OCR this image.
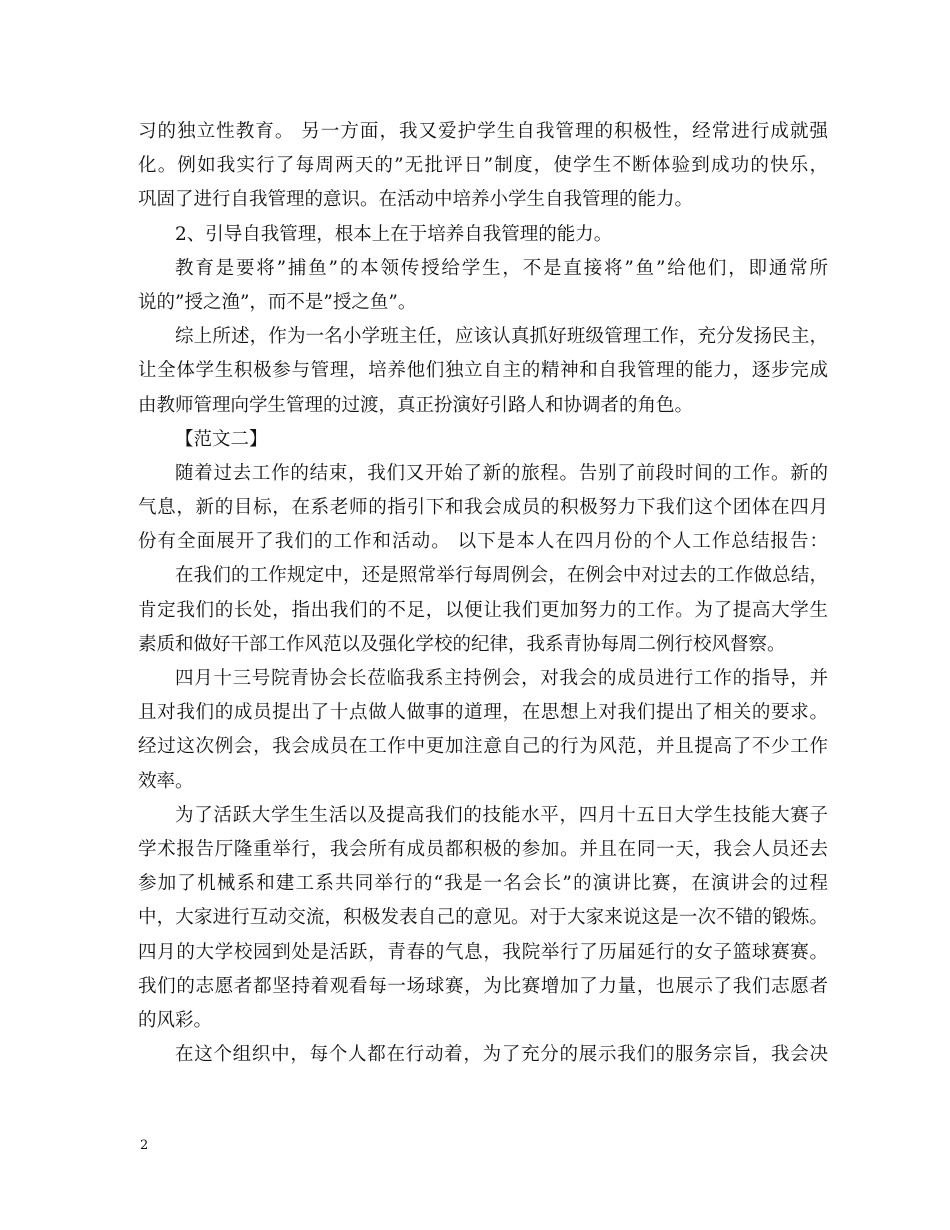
习的独立性教育。 另一方面，我又爱护学生自我管理的积极性，经常进行成就强
化。例如我实行了每周两天的”无批评日”制度，使学生不断体验到成功的快乐，
巩固了进行自我管理的意识。在活动中培养小学生自我管理的能力。
2、引导自我管理，根本上在于培养自我管理的能力。
教育是要将”捕鱼”的本领传授给学生，不是直接将”鱼”给他们，即通常所
说的”授之渔”，而不是”授之鱼”。
综上所述，作为一名小学班主任，应该认真抓好班级管理工作，充分发扬民主，
让全体学生积极参与管理，培养他们独立自主的精神和自我管理的能力，逐步完成
由教师管理向学生管理的过渡，真正扮演好引路人和协调者的角色。
【范文二】
随着过去工作的结束，我们又开始了新的旅程。告别了前段时间的工作。新的
气息，新的目标，在系老师的指引下和我会成员的积极努力下我们这个团体在四月
份有全面展开了我们的工作和活动。 以下是本人在四月份的个人工作总结报告：
在我们的工作规定中，还是照常举行每周例会，在例会中对过去的工作做总结，
肯定我们的长处，指出我们的不足，以便让我们更加努力的工作。为了提高大学生
素质和做好干部工作风范以及强化学校的纪律，我系青协每周二例行校风督察。
四月十三号院青协会长莅临我系主持例会，对我会的成员进行工作的指导，并
且对我们的成员提出了十点做人做事的道理，在思想上对我们提出了相关的要求。
经过这次例会，我会成员在工作中更加注意自己的行为风范，并且提高了不少工作
效率。
为了活跃大学生生活以及提高我们的技能水平，四月十五日大学生技能大赛子
学术报告厅隆重举行，我会所有成员都积极的参加。并且在同一天，我会人员还去
参加了机械系和建工系共同举行的“我是一名会长”的演讲比赛，在演讲会的过程
中，大家进行互动交流，积极发表自己的意见。对于大家来说这是一次不错的锻炼。
四月的大学校园到处是活跃，青春的气息，我院举行了历届延行的女子篮球赛赛。
我们的志愿者都坚持着观看每一场球赛，为比赛增加了力量，也展示了我们志愿者
的风彩。
在这个组织中，每个人都在行动着，为了充分的展示我们的服务宗旨，我会决
2
